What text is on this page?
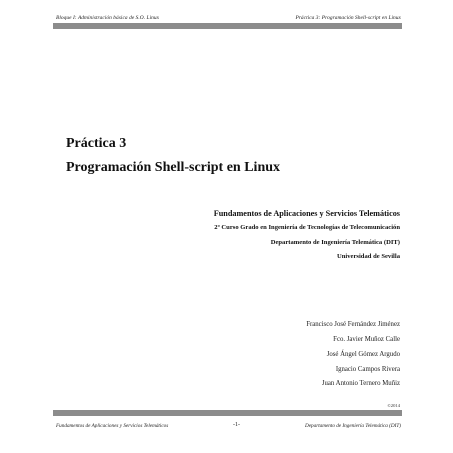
Bloque I: Administración básica de S.O. Linux	Práctica 3: Programación Shell-script en Linux
Práctica 3
Programación Shell-script en Linux
Fundamentos de Aplicaciones y Servicios Telemáticos
2º Curso Grado en Ingeniería de Tecnologías de Telecomunicación
Departamento de Ingeniería Telemática (DIT)
Universidad de Sevilla
Francisco José Fernández Jiménez
Fco. Javier Muñoz Calle
José Ángel Gómez Argudo
Ignacio Campos Rivera
Juan Antonio Ternero Muñiz
©2014
Fundamentos de Aplicaciones y Servicios Telemáticos	-1-	Departamento de Ingeniería Telemática (DIT)
